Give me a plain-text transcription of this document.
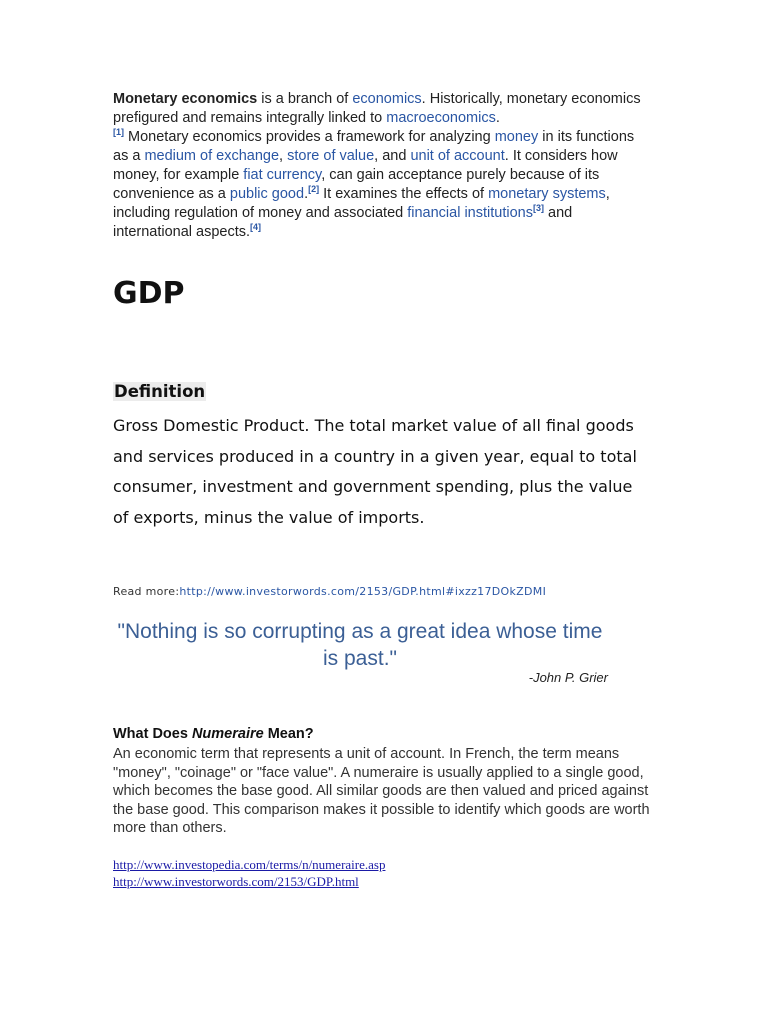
Monetary economics is a branch of economics. Historically, monetary economics prefigured and remains integrally linked to macroeconomics.
[1] Monetary economics provides a framework for analyzing money in its functions as a medium of exchange, store of value, and unit of account. It considers how money, for example fiat currency, can gain acceptance purely because of its convenience as a public good.[2] It examines the effects of monetary systems, including regulation of money and associated financial institutions[3] and international aspects.[4]

GDP
Definition

Gross Domestic Product. The total market value of all final goods and services produced in a country in a given year, equal to total consumer, investment and government spending, plus the value of exports, minus the value of imports.

Read more:http://www.investorwords.com/2153/GDP.html#ixzz17DOkZDMI

"Nothing is so corrupting as a great idea whose time is past."

-John P. Grier

What Does Numeraire Mean?

An economic term that represents a unit of account. In French, the term means "money", "coinage" or "face value". A numeraire is usually applied to a single good, which becomes the base good. All similar goods are then valued and priced against the base good. This comparison makes it possible to identify which goods are worth more than others.

http://www.investopedia.com/terms/n/numeraire.asp
http://www.investorwords.com/2153/GDP.html
